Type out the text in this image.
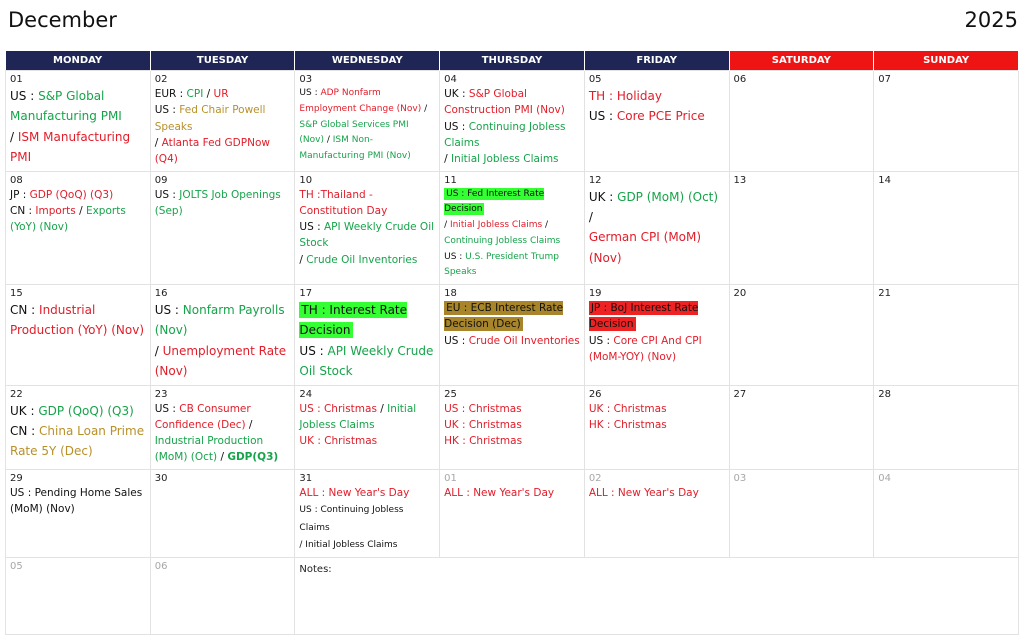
December	2025
MONDAY	TUESDAY	WEDNESDAY	THURSDAY	FRIDAY	SATURDAY	SUNDAY

01
US : S&P Global Manufacturing PMI
/ ISM Manufacturing PMI	02
EUR : CPI / UR
US : Fed Chair Powell Speaks
/ Atlanta Fed GDPNow (Q4)	03
US : ADP Nonfarm Employment Change (Nov) / S&P Global Services PMI (Nov) / ISM Non-Manufacturing PMI (Nov)	04
UK : S&P Global Construction PMI (Nov)
US : Continuing Jobless Claims
/ Initial Jobless Claims	05
TH : Holiday
US : Core PCE Price	06	07

08
JP : GDP (QoQ) (Q3)
CN : Imports / Exports (YoY) (Nov)	09
US : JOLTS Job Openings (Sep)	10
TH :Thailand - Constitution Day
US : API Weekly Crude Oil Stock
/ Crude Oil Inventories	11
US : Fed Interest Rate Decision
/ Initial Jobless Claims / Continuing Jobless Claims
US : U.S. President Trump Speaks	12
UK : GDP (MoM) (Oct) /
German CPI (MoM) (Nov)	13	14

15
CN : Industrial Production (YoY) (Nov)	16
US : Nonfarm Payrolls (Nov)
/ Unemployment Rate (Nov)	17
TH : Interest Rate Decision
US : API Weekly Crude Oil Stock	18
EU : ECB Interest Rate Decision (Dec)
US : Crude Oil Inventories	19
JP : BoJ Interest Rate Decision
US : Core CPI And CPI (MoM-YOY) (Nov)	20	21

22
UK : GDP (QoQ) (Q3)
CN : China Loan Prime Rate 5Y (Dec)	23
US : CB Consumer Confidence (Dec) / Industrial Production (MoM) (Oct) / GDP(Q3)	24
US : Christmas / Initial Jobless Claims
UK : Christmas	25
US : Christmas
UK : Christmas
HK : Christmas	26
UK : Christmas
HK : Christmas	27	28

29
US : Pending Home Sales (MoM) (Nov)	30	31
ALL : New Year's Day
US : Continuing Jobless Claims
/ Initial Jobless Claims	01
ALL : New Year's Day	02
ALL : New Year's Day	03	04

05	06	Notes:				
